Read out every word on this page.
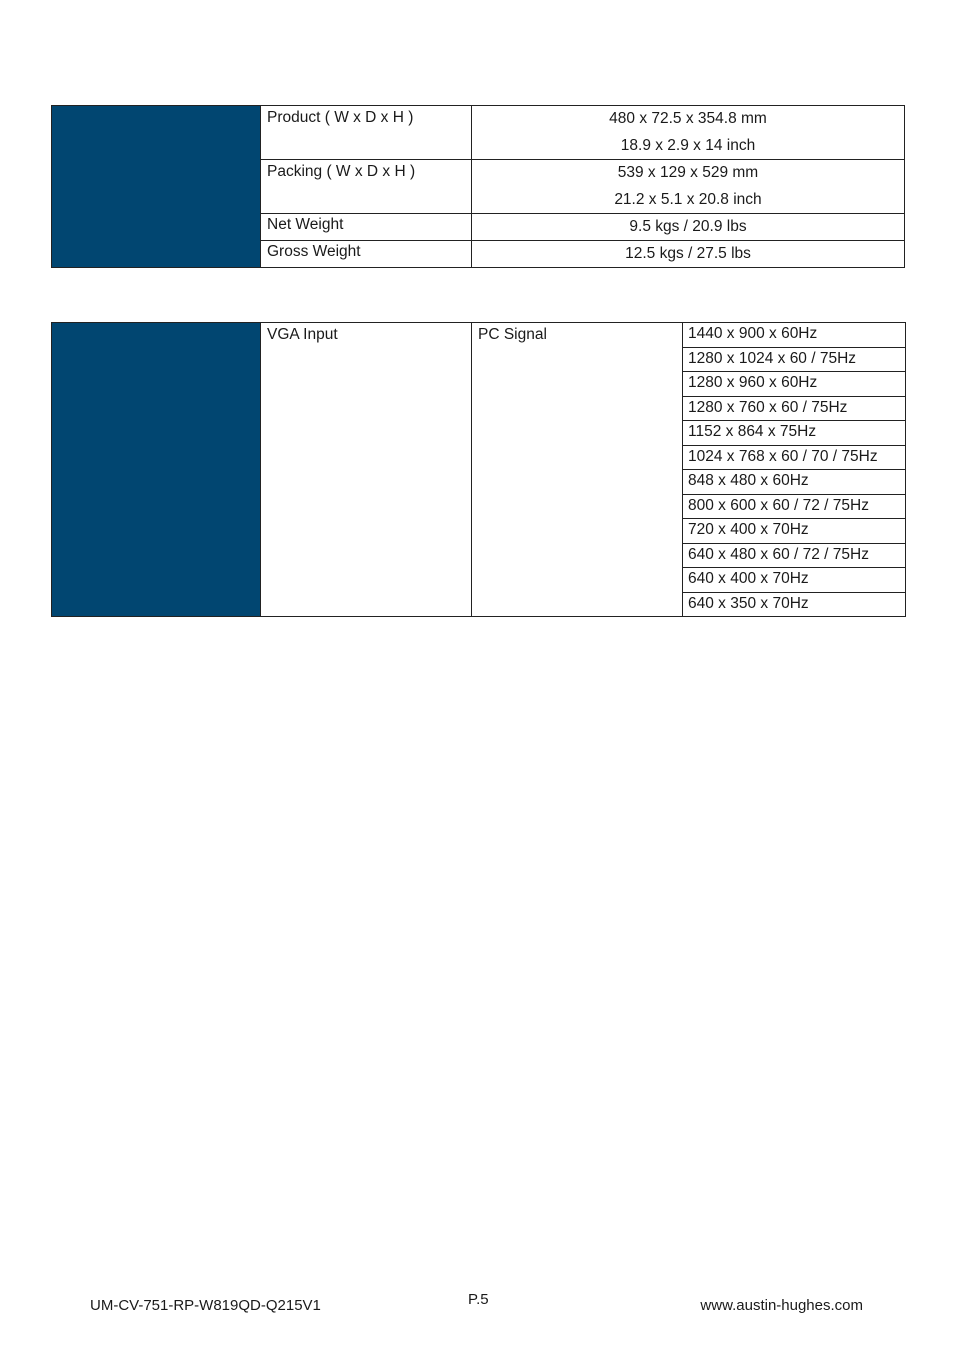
	Product ( W x D x H )	480 x 72.5 x 354.8 mm
18.9 x 2.9 x 14 inch

	Packing ( W x D x H )	539 x 129 x 529 mm
21.2 x 5.1 x 20.8 inch

	Net Weight	9.5 kgs / 20.9 lbs
	Gross Weight	12.5 kgs / 27.5 lbs
	VGA Input	PC Signal	1440 x 900 x 60Hz
1280 x 1024 x 60 / 75Hz
1280 x 960 x 60Hz
1280 x 760 x 60 / 75Hz
1152 x 864 x 75Hz
1024 x 768 x 60 / 70 / 75Hz
848 x 480 x 60Hz
800 x 600 x 60 / 72 / 75Hz
720 x 400 x 70Hz
640 x 480 x 60 / 72 / 75Hz
640 x 400 x 70Hz
640 x 350 x 70Hz
UM-CV-751-RP-W819QD-Q215V1	P.5	www.austin-hughes.com
